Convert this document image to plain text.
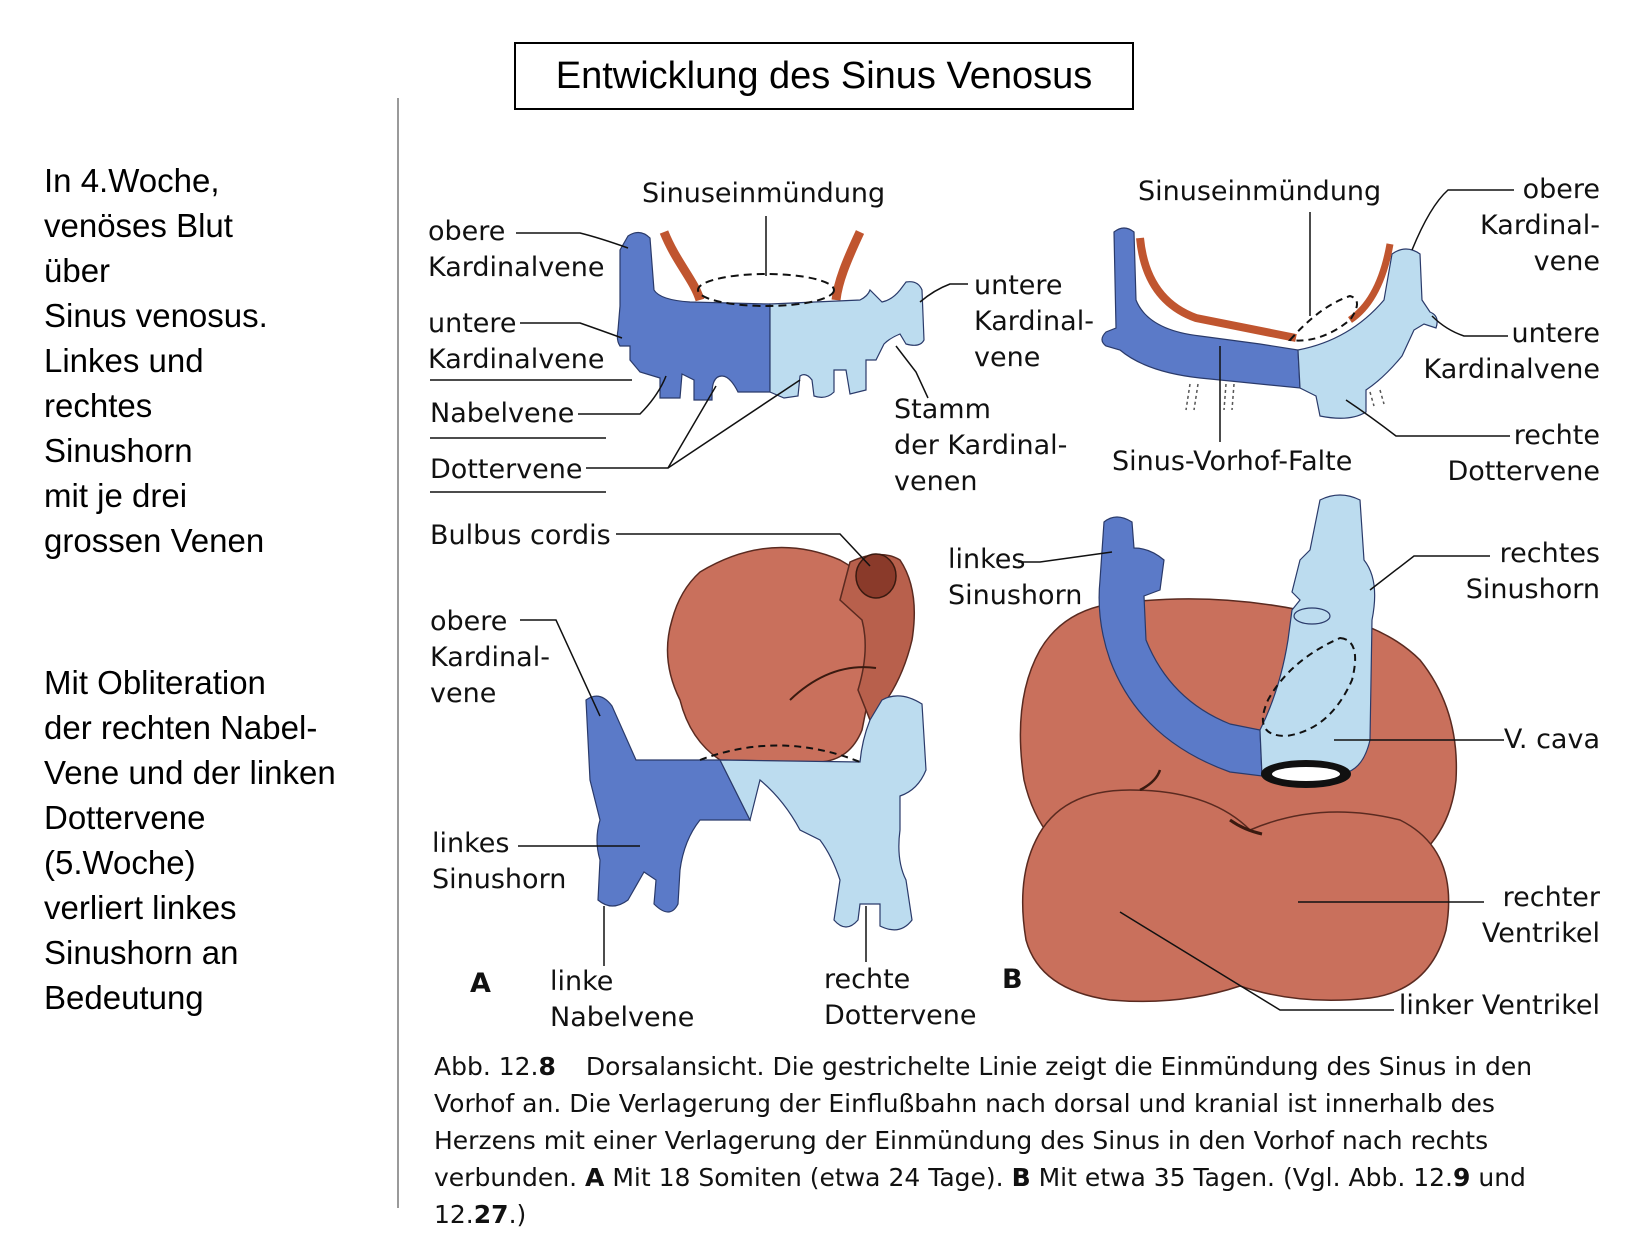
Entwicklung des Sinus Venosus
In 4.Woche,
venöses Blut
über
Sinus venosus.
Linkes und
rechtes
Sinushorn
mit je drei
grossen Venen
Mit Obliteration
der rechten Nabel-
Vene und der linken
Dottervene
(5.Woche)
verliert linkes
Sinushorn an
Bedeutung
Sinuseinmündung
obere
Kardinalvene
untere
Kardinalvene
Nabelvene
Dottervene
untere
Kardinal-
vene
Stamm
der Kardinal-
venen
Sinuseinmündung	obere
Kardinal-
vene
untere
Kardinalvene
rechte
Dottervene
Sinus-Vorhof-Falte
Bulbus cordis
obere
Kardinal-
vene
linkes
Sinushorn
A linke
Nabelvene
rechte
Dottervene
linkes
Sinushorn
rechtes
Sinushorn
V. cava
rechter
Ventrikel
linker Ventrikel
B
Abb. 12.8 Dorsalansicht. Die gestrichelte Linie zeigt die Einmündung des Sinus in den
Vorhof an. Die Verlagerung der Einflußbahn nach dorsal und kranial ist innerhalb des
Herzens mit einer Verlagerung der Einmündung des Sinus in den Vorhof nach rechts
verbunden. A Mit 18 Somiten (etwa 24 Tage). B Mit etwa 35 Tagen. (Vgl. Abb. 12.9 und
12.27.)
